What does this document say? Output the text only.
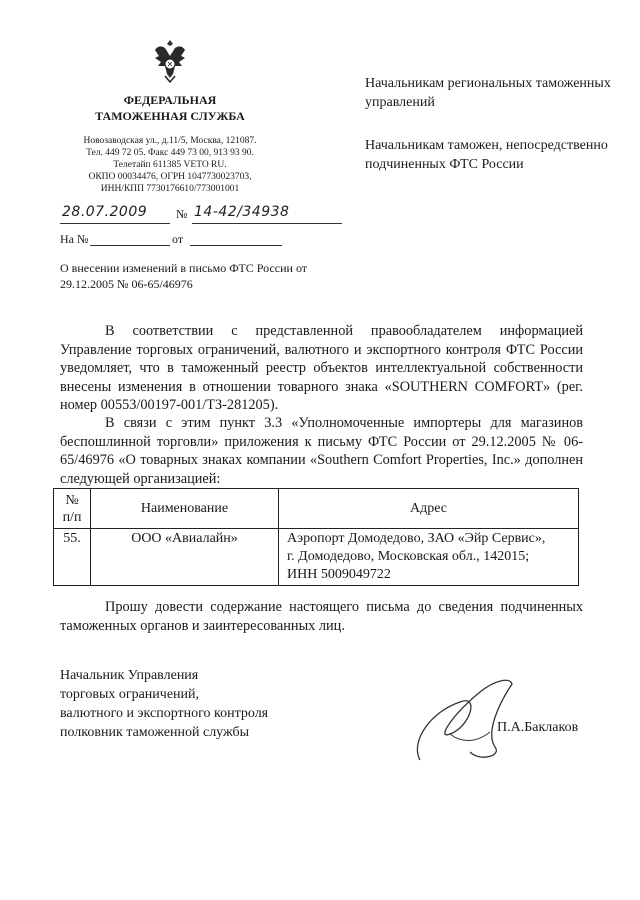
ФЕДЕРАЛЬНАЯ
ТАМОЖЕННАЯ СЛУЖБА
Новозаводская ул., д.11/5, Москва, 121087.
Тел. 449 72 05. Факс 449 73 00, 913 93 90.
Телетайп 611385 VETO RU.
ОКПО 00034476, ОГРН 1047730023703,
ИНН/КПП 7730176610/773001001
28.07.2009 № 14-42/34938
На №	от
О внесении изменений в письмо ФТС России от 29.12.2005 № 06-65/46976
Начальникам региональных таможенных управлений
Начальникам таможен, непосредственно подчиненных ФТС России
В соответствии с представленной правообладателем информацией Управление торговых ограничений, валютного и экспортного контроля ФТС России уведомляет, что в таможенный реестр объектов интеллектуальной собственности внесены изменения в отношении товарного знака «SOUTHERN COMFORT» (рег. номер 00553/00197-001/ТЗ-281205).
В связи с этим пункт 3.3 «Уполномоченные импортеры для магазинов беспошлинной торговли» приложения к письму ФТС России от 29.12.2005 № 06-65/46976 «О товарных знаках компании «Southern Comfort Properties, Inc.» дополнен следующей организацией:
№
п/п	Наименование	Адрес
55.	ООО «Авиалайн»	Аэропорт Домодедово, ЗАО «Эйр Сервис»,
г. Домодедово, Московская обл., 142015;
ИНН 5009049722
Прошу довести содержание настоящего письма до сведения подчиненных таможенных органов и заинтересованных лиц.
Начальник Управления
торговых ограничений,
валютного и экспортного контроля
полковник таможенной службы	П.А.Баклаков
